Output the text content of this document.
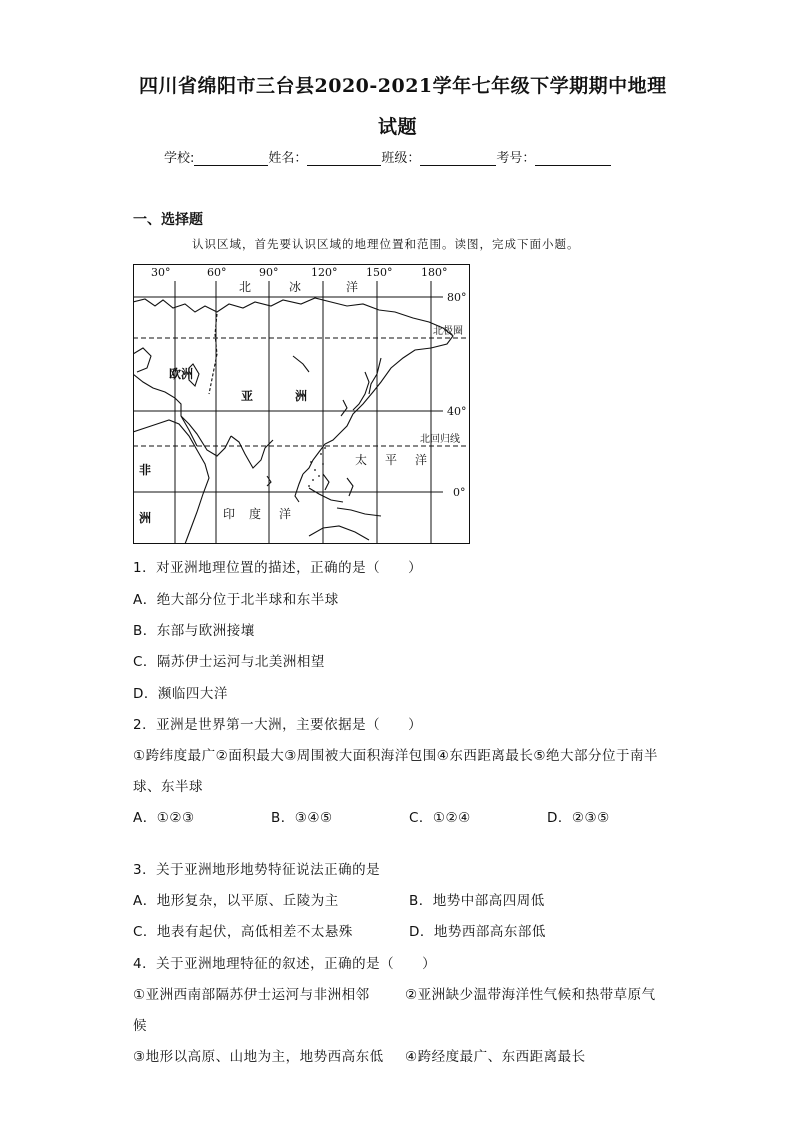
四川省绵阳市三台县2020-2021学年七年级下学期期中地理
试题
学校:	姓名：	班级：	考号：
一、选择题
认识区域，首先要认识区域的地理位置和范围。读图，完成下面小题。
30°	60°	90°	120°	150°	180°
80°
北极圈
40°
北回归线
0°
北	冰	洋
太 平 洋
印 度 洋
欧洲
亚	洲
非
洲
1．对亚洲地理位置的描述，正确的是（　　）
A．绝大部分位于北半球和东半球
B．东部与欧洲接壤
C．隔苏伊士运河与北美洲相望
D．濒临四大洋
2．亚洲是世界第一大洲，主要依据是（　　）
①跨纬度最广②面积最大③周围被大面积海洋包围④东西距离最长⑤绝大部分位于南半
球、东半球
A．①②③	B．③④⑤	C．①②④	D．②③⑤
3．关于亚洲地形地势特征说法正确的是
A．地形复杂，以平原、丘陵为主	B．地势中部高四周低
C．地表有起伏，高低相差不太悬殊	D．地势西部高东部低
4．关于亚洲地理特征的叙述，正确的是（　　）
①亚洲西南部隔苏伊士运河与非洲相邻	②亚洲缺少温带海洋性气候和热带草原气
候
③地形以高原、山地为主，地势西高东低 ④跨经度最广、东西距离最长
